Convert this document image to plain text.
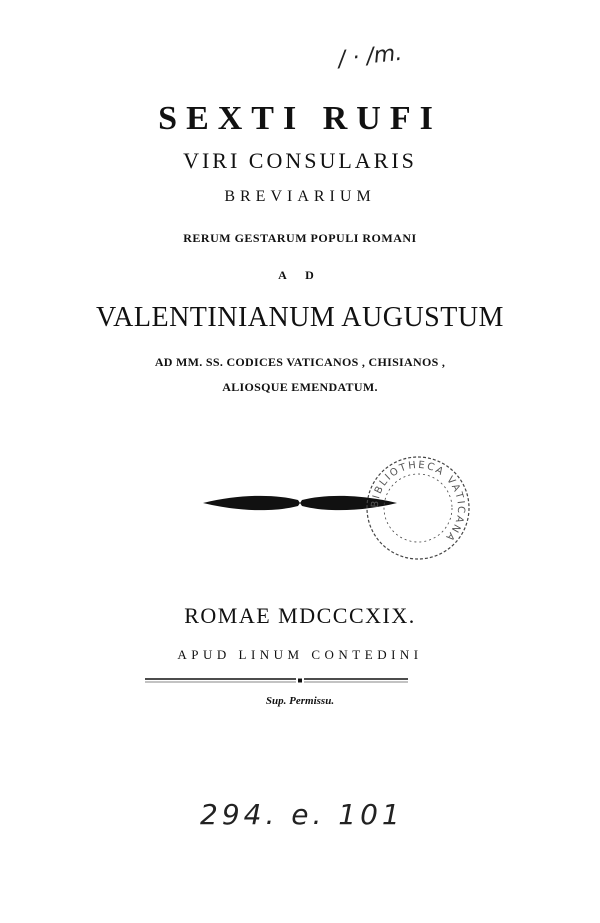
/ · /m.
SEXTI RUFI
VIRI CONSULARIS
BREVIARIUM
RERUM GESTARUM POPULI ROMANI
A D
VALENTINIANUM AUGUSTUM
AD MM. SS. CODICES VATICANOS , CHISIANOS ,
ALIOSQUE EMENDATUM.
BIBLIOTHECA VATICANA
ROMAE MDCCCXIX.
APUD LINUM CONTEDINI
Sup. Permissu.
294. e. 101
